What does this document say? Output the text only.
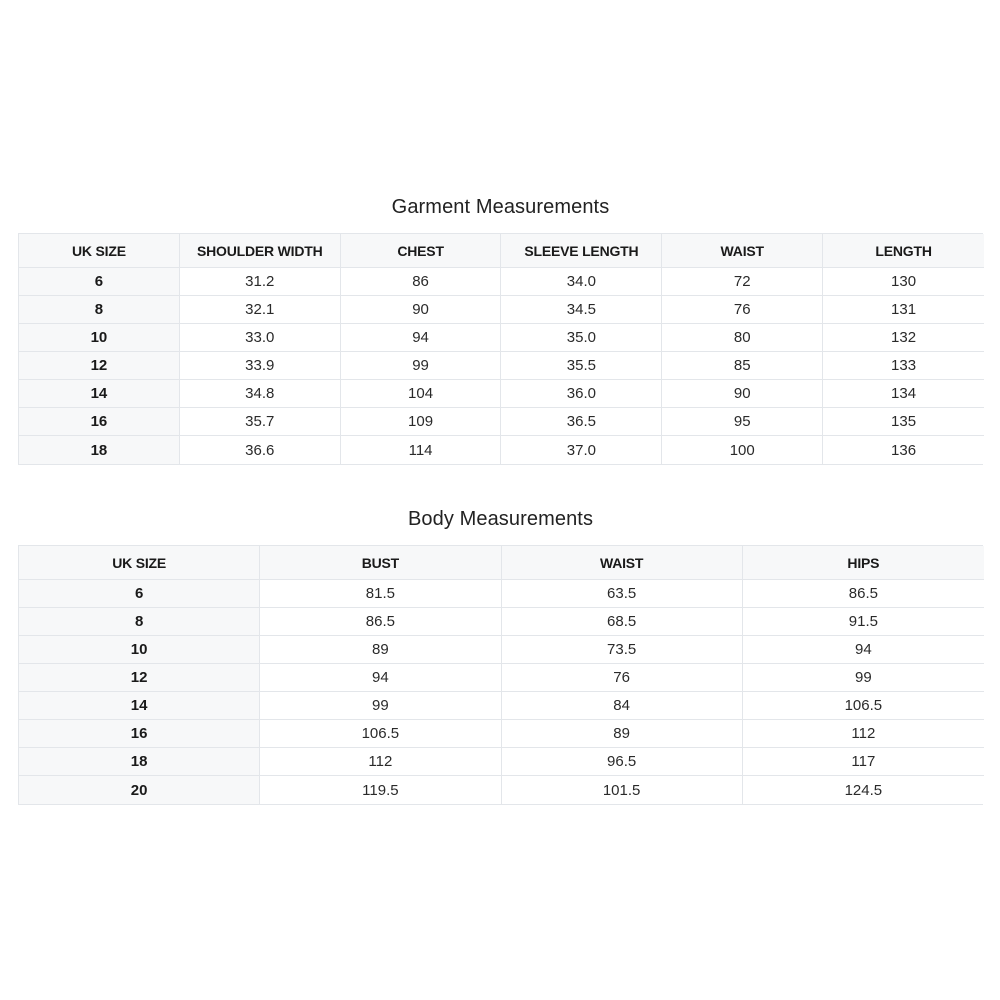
Garment Measurements
UK SIZE	SHOULDER WIDTH	CHEST	SLEEVE LENGTH	WAIST	LENGTH
6	31.2	86	34.0	72	130
8	32.1	90	34.5	76	131
10	33.0	94	35.0	80	132
12	33.9	99	35.5	85	133
14	34.8	104	36.0	90	134
16	35.7	109	36.5	95	135
18	36.6	114	37.0	100	136
Body Measurements
UK SIZE	BUST	WAIST	HIPS
6	81.5	63.5	86.5
8	86.5	68.5	91.5
10	89	73.5	94
12	94	76	99
14	99	84	106.5
16	106.5	89	112
18	112	96.5	117
20	119.5	101.5	124.5
